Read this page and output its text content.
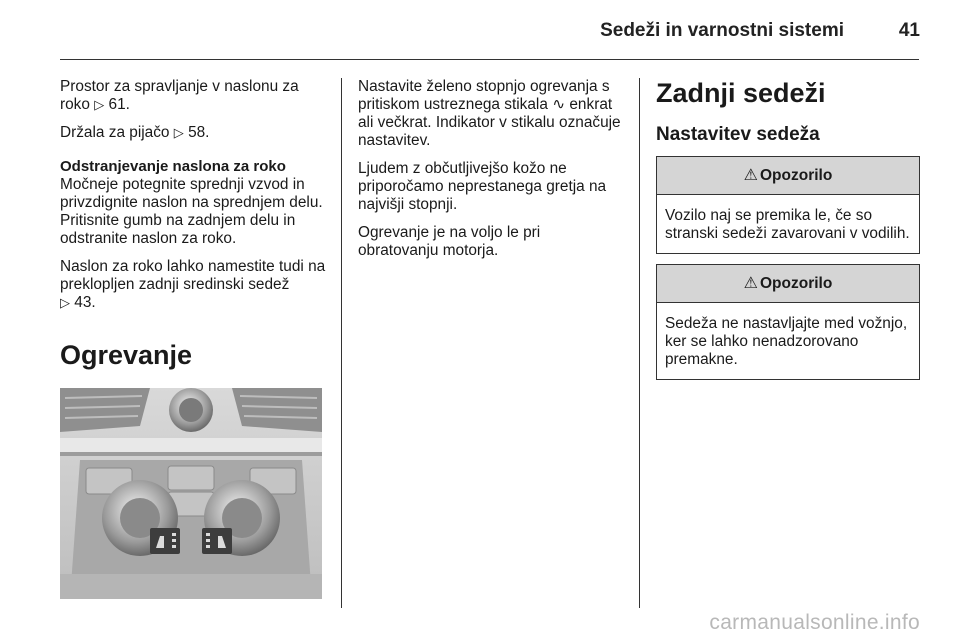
Sedeži in varnostni sistemi	41

Prostor za spravljanje v naslonu za roko ▷ 61.

Držala za pijačo ▷ 58.

Odstranjevanje naslona za roko
Močneje potegnite sprednji vzvod in privzdignite naslon na sprednjem delu. Pritisnite gumb na zadnjem delu in odstranite naslon za roko.

Naslon za roko lahko namestite tudi na preklopljen zadnji sredinski sedež
▷ 43.

Ogrevanje

Nastavite želeno stopnjo ogrevanja s pritiskom ustreznega stikala ∿ enkrat ali večkrat. Indikator v stikalu označuje nastavitev.

Ljudem z občutljivejšo kožo ne priporočamo neprestanega gretja na najvišji stopnji.

Ogrevanje je na voljo le pri obratovanju motorja.

Zadnji sedeži
Nastavitev sedeža
⚠ Opozorilo
Vozilo naj se premika le, če so stranski sedeži zavarovani v vodilih.
⚠ Opozorilo
Sedeža ne nastavljajte med vožnjo, ker se lahko nenadzorovano premakne.
carmanualsonline.info
